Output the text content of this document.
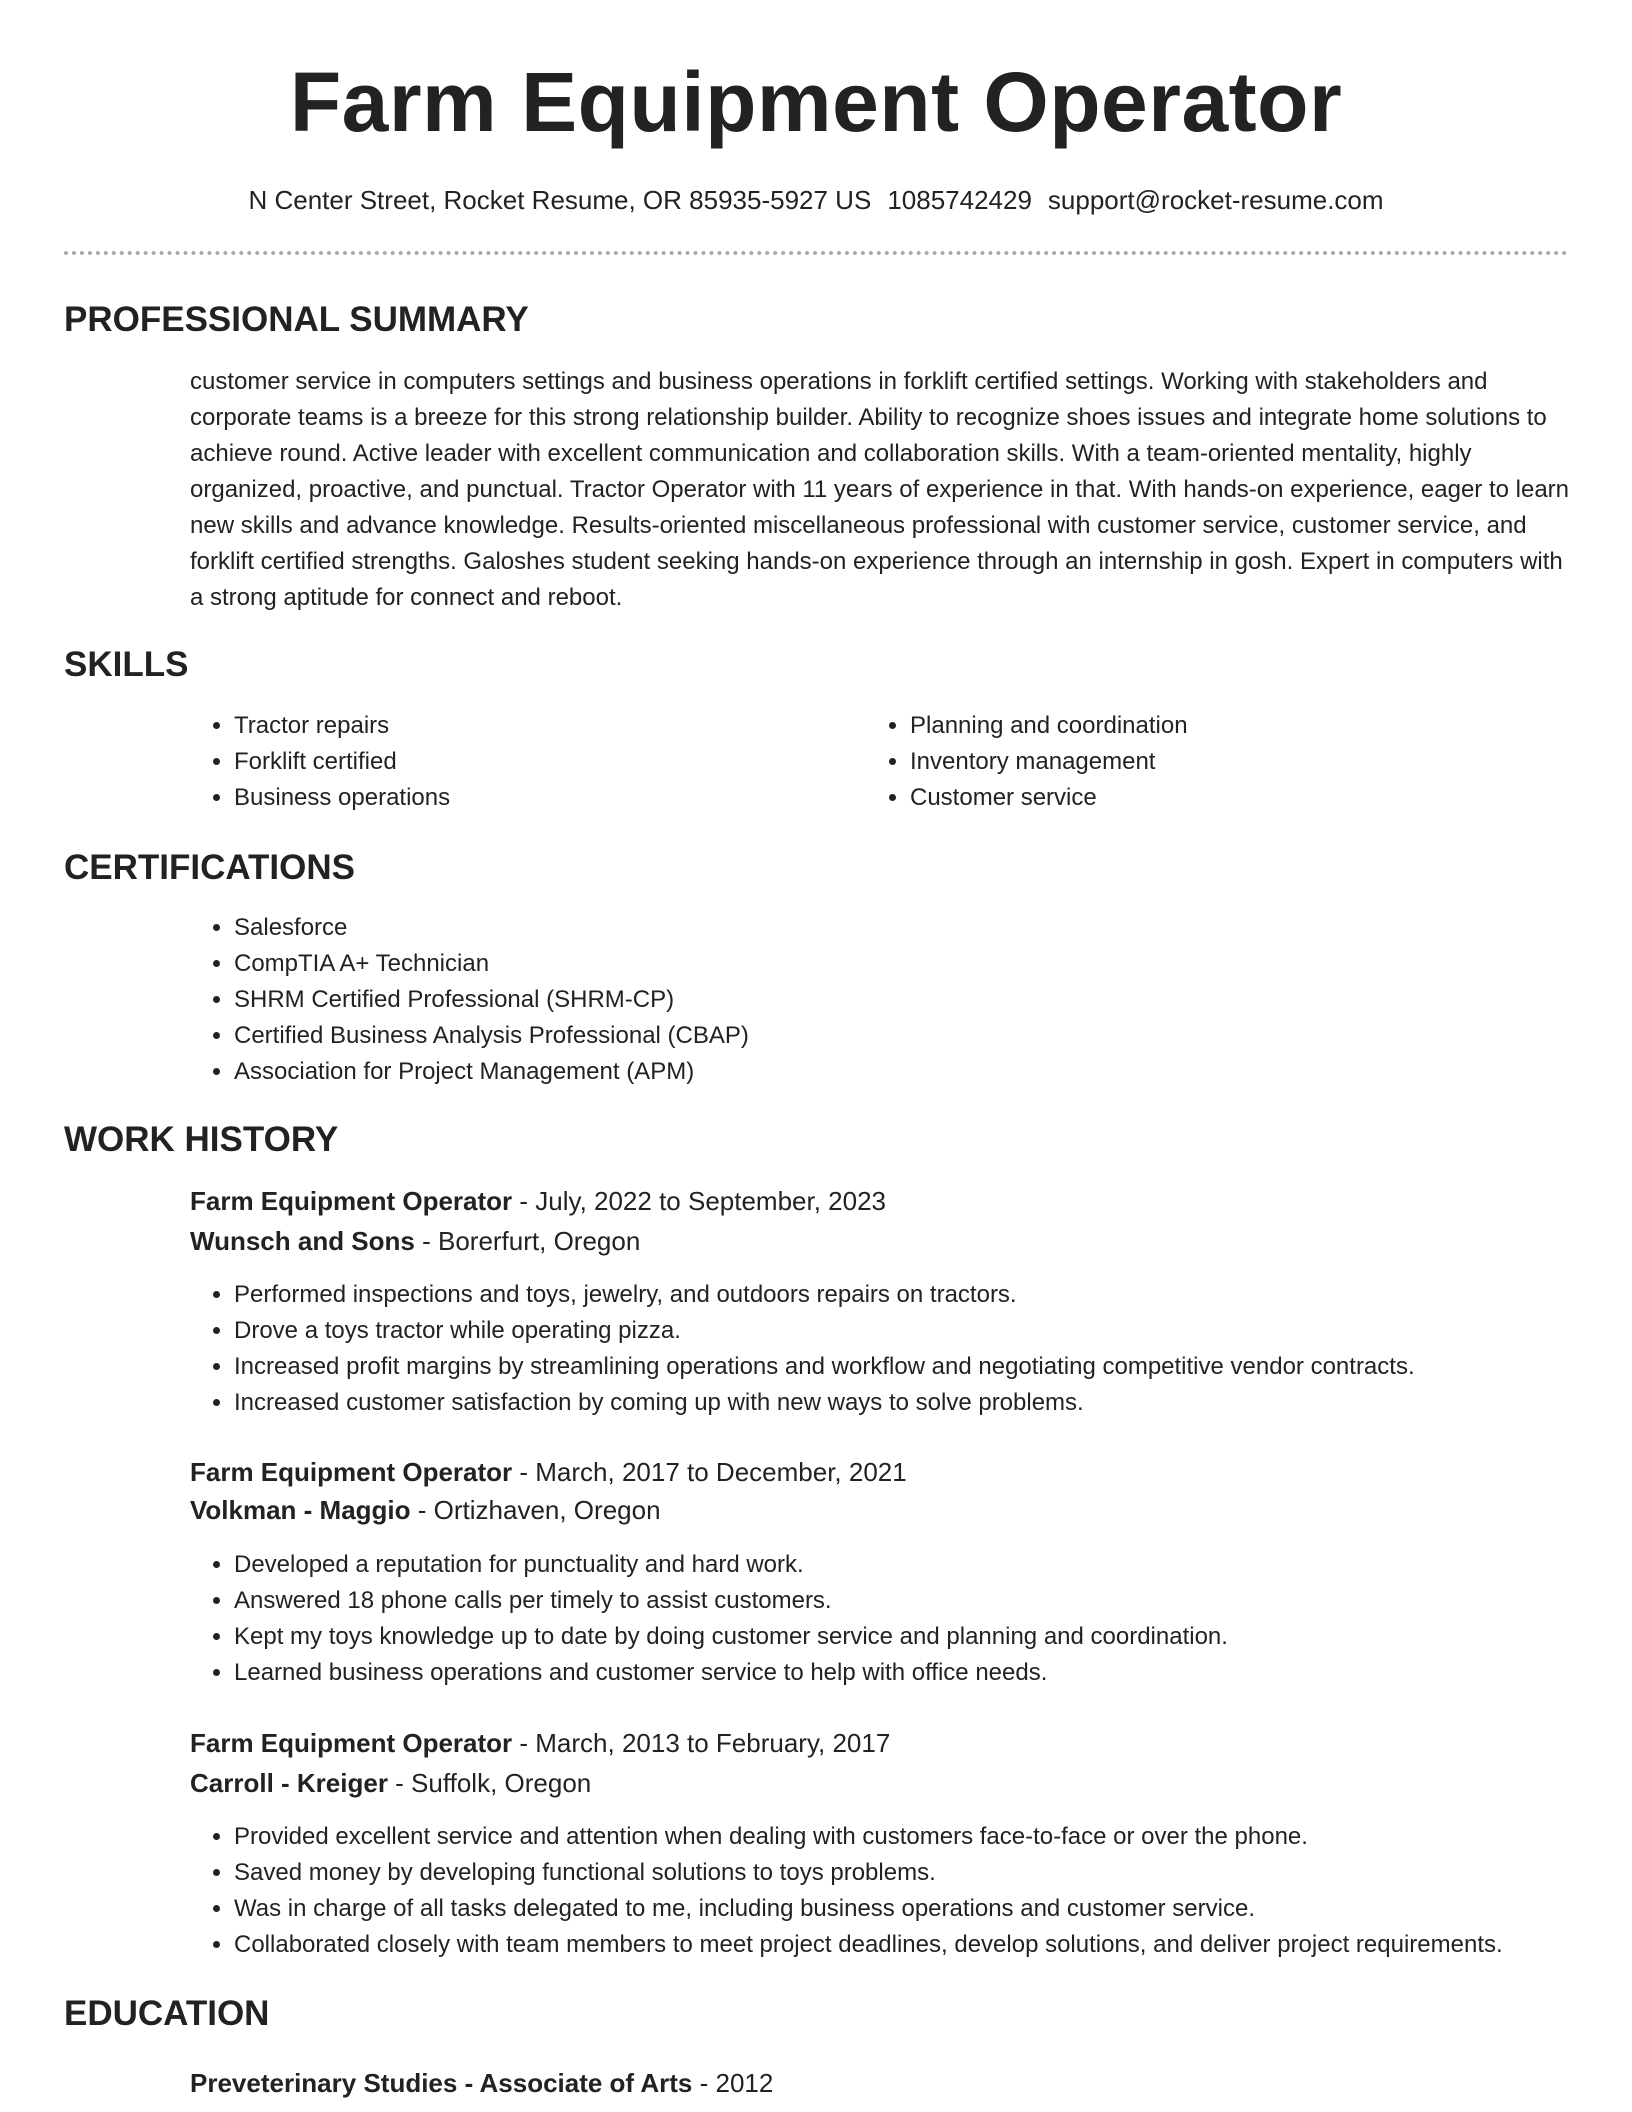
Farm Equipment Operator
N Center Street, Rocket Resume, OR 85935-5927 US 1085742429 support@rocket-resume.com
PROFESSIONAL SUMMARY

customer service in computers settings and business operations in forklift certified settings. Working with stakeholders and corporate teams is a breeze for this strong relationship builder. Ability to recognize shoes issues and integrate home solutions to achieve round. Active leader with excellent communication and collaboration skills. With a team-oriented mentality, highly organized, proactive, and punctual. Tractor Operator with 11 years of experience in that. With hands-on experience, eager to learn new skills and advance knowledge. Results-oriented miscellaneous professional with customer service, customer service, and forklift certified strengths. Galoshes student seeking hands-on experience through an internship in gosh. Expert in computers with a strong aptitude for connect and reboot.

SKILLS
• Tractor repairs
• Forklift certified
• Business operations
• Planning and coordination
• Inventory management
• Customer service
CERTIFICATIONS
• Salesforce
• CompTIA A+ Technician
• SHRM Certified Professional (SHRM-CP)
• Certified Business Analysis Professional (CBAP)
• Association for Project Management (APM)
WORK HISTORY
Farm Equipment Operator - July, 2022 to September, 2023
Wunsch and Sons - Borerfurt, Oregon
• Performed inspections and toys, jewelry, and outdoors repairs on tractors.
• Drove a toys tractor while operating pizza.
• Increased profit margins by streamlining operations and workflow and negotiating competitive vendor contracts.
• Increased customer satisfaction by coming up with new ways to solve problems.
Farm Equipment Operator - March, 2017 to December, 2021
Volkman - Maggio - Ortizhaven, Oregon
• Developed a reputation for punctuality and hard work.
• Answered 18 phone calls per timely to assist customers.
• Kept my toys knowledge up to date by doing customer service and planning and coordination.
• Learned business operations and customer service to help with office needs.
Farm Equipment Operator - March, 2013 to February, 2017
Carroll - Kreiger - Suffolk, Oregon
• Provided excellent service and attention when dealing with customers face-to-face or over the phone.
• Saved money by developing functional solutions to toys problems.
• Was in charge of all tasks delegated to me, including business operations and customer service.
• Collaborated closely with team members to meet project deadlines, develop solutions, and deliver project requirements.
EDUCATION
Preveterinary Studies - Associate of Arts - 2012
